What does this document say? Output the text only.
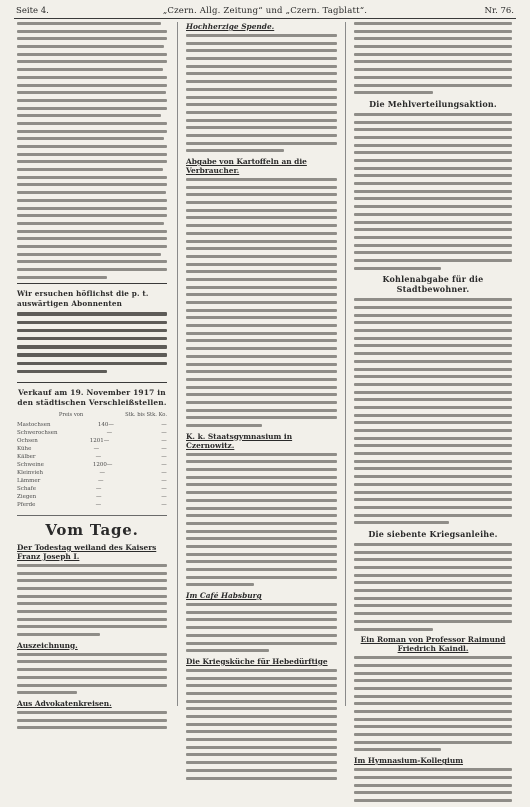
Seite 4.	„Czern. Allg. Zeitung“ und „Czern. Tagblatt“.	Nr. 76.
Wir ersuchen höflichst die p. t. auswärtigen Abonnenten
Verkauf am 19. November 1917 in den städtischen Verschleißstellen.
Preis von	Stk. bis Stk. Ko.
Mastochsen	140—	—
Schwerochsen	—	—
Ochsen	1201—	—
Kühe	—	—
Kälber	—	—
Schweine	1200—	—
Kleinvieh	—	—
Lämmer	—	—
Schafe	—	—
Ziegen	—	—
Pferde	—	—
Vom Tage.
Der Todestag weiland des Kaisers Franz Joseph I.
Auszeichnung.
Aus Advokatenkreisen.
Hochherzige Spende.
Abgabe von Kartoffeln an die Verbraucher.
K. k. Staatsgymnasium in Czernowitz.
Im Café Habsburg
Die Kriegsküche für Hebedürftige
Die Mehlverteilungsaktion.
Kohlenabgabe für die Stadtbewohner.
Die siebente Kriegsanleihe.
Ein Roman von Professor Raimund Friedrich Kaindl.
Im Hymnasium-Kollegium
